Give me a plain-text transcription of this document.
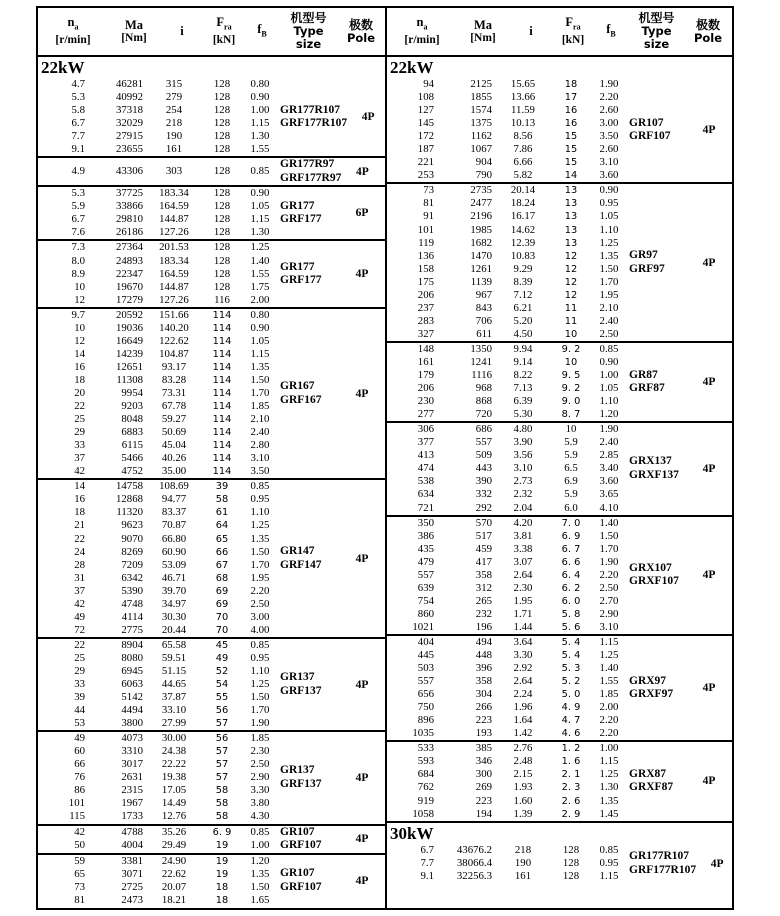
$n_a$
[r/min]
Ma
[Nm]	i
$F_{ra}$
[kN]
$f_B$
机型号
Type size
极数
Pole
22kW
4.7	46281	315	128	0.80
5.3	40992	279	128	0.90
5.8	37318	254	128	1.00
6.7	32029	218	128	1.15
7.7	27915	190	128	1.30
9.1	23655	161	128	1.55
GR177R107
GRF177R107	4P
4.9	43306	303	128	0.85
GR177R97
GRF177R97	4P
5.3	37725	183.34	128	0.90
5.9	33866	164.59	128	1.05
6.7	29810	144.87	128	1.15
7.6	26186	127.26	128	1.30
GR177
GRF177	6P
7.3	27364	201.53	128	1.25
8.0	24893	183.34	128	1.40
8.9	22347	164.59	128	1.55
10	19670	144.87	128	1.75
12	17279	127.26	116	2.00
GR177
GRF177	4P
9.7	20592	151.66	114	0.80
10	19036	140.20	114	0.90
12	16649	122.62	114	1.05
14	14239	104.87	114	1.15
16	12651	93.17	114	1.35
18	11308	83.28	114	1.50
20	9954	73.31	114	1.70
22	9203	67.78	114	1.85
25	8048	59.27	114	2.10
29	6883	50.69	114	2.40
33	6115	45.04	114	2.80
37	5466	40.26	114	3.10
42	4752	35.00	114	3.50
GR167
GRF167	4P
14	14758	108.69	39	0.85
16	12868	94.77	58	0.95
18	11320	83.37	61	1.10
21	9623	70.87	64	1.25
22	9070	66.80	65	1.35
24	8269	60.90	66	1.50
28	7209	53.09	67	1.70
31	6342	46.71	68	1.95
37	5390	39.70	69	2.20
42	4748	34.97	69	2.50
49	4114	30.30	70	3.00
72	2775	20.44	70	4.00
GR147
GRF147	4P
22	8904	65.58	45	0.85
25	8080	59.51	49	0.95
29	6945	51.15	52	1.10
33	6063	44.65	54	1.25
39	5142	37.87	55	1.50
44	4494	33.10	56	1.70
53	3800	27.99	57	1.90
GR137
GRF137	4P
49	4073	30.00	56	1.85
60	3310	24.38	57	2.30
66	3017	22.22	57	2.50
76	2631	19.38	57	2.90
86	2315	17.05	58	3.30
101	1967	14.49	58	3.80
115	1733	12.76	58	4.30
GR137
GRF137	4P
42	4788	35.26	6. 9	0.85
50	4004	29.49	19	1.00
GR107
GRF107	4P
59	3381	24.90	19	1.20
65	3071	22.62	19	1.35
73	2725	20.07	18	1.50
81	2473	18.21	18	1.65
GR107
GRF107	4P
$n_a$
[r/min]
Ma
[Nm]	i
$F_{ra}$
[kN]
$f_B$
机型号
Type size
极数
Pole
22kW
94	2125	15.65	18	1.90
108	1855	13.66	17	2.20
127	1574	11.59	16	2.60
145	1375	10.13	16	3.00
172	1162	8.56	15	3.50
187	1067	7.86	15	2.60
221	904	6.66	15	3.10
253	790	5.82	14	3.60
GR107
GRF107	4P
73	2735	20.14	13	0.90
81	2477	18.24	13	0.95
91	2196	16.17	13	1.05
101	1985	14.62	13	1.10
119	1682	12.39	13	1.25
136	1470	10.83	12	1.35
158	1261	9.29	12	1.50
175	1139	8.39	12	1.70
206	967	7.12	12	1.95
237	843	6.21	11	2.10
283	706	5.20	11	2.40
327	611	4.50	10	2.50
GR97
GRF97	4P
148	1350	9.94	9. 2	0.85
161	1241	9.14	10	0.90
179	1116	8.22	9. 5	1.00
206	968	7.13	9. 2	1.05
230	868	6.39	9. 0	1.10
277	720	5.30	8. 7	1.20
GR87
GRF87	4P
306	686	4.80	10	1.90
377	557	3.90	5.9	2.40
413	509	3.56	5.9	2.85
474	443	3.10	6.5	3.40
538	390	2.73	6.9	3.60
634	332	2.32	5.9	3.65
721	292	2.04	6.0	4.10
GRX137
GRXF137	4P
350	570	4.20	7. 0	1.40
386	517	3.81	6. 9	1.50
435	459	3.38	6. 7	1.70
479	417	3.07	6. 6	1.90
557	358	2.64	6. 4	2.20
639	312	2.30	6. 2	2.50
754	265	1.95	6. 0	2.70
860	232	1.71	5. 8	2.90
1021	196	1.44	5. 6	3.10
GRX107
GRXF107	4P
404	494	3.64	5. 4	1.15
445	448	3.30	5. 4	1.25
503	396	2.92	5. 3	1.40
557	358	2.64	5. 2	1.55
656	304	2.24	5. 0	1.85
750	266	1.96	4. 9	2.00
896	223	1.64	4. 7	2.20
1035	193	1.42	4. 6	2.20
GRX97
GRXF97	4P
533	385	2.76	1. 2	1.00
593	346	2.48	1. 6	1.15
684	300	2.15	2. 1	1.25
762	269	1.93	2. 3	1.30
919	223	1.60	2. 6	1.35
1058	194	1.39	2. 9	1.45
GRX87
GRXF87	4P
30kW
6.7	43676.2	218	128	0.85
7.7	38066.4	190	128	0.95
9.1	32256.3	161	128	1.15
GR177R107
GRF177R107	4P
